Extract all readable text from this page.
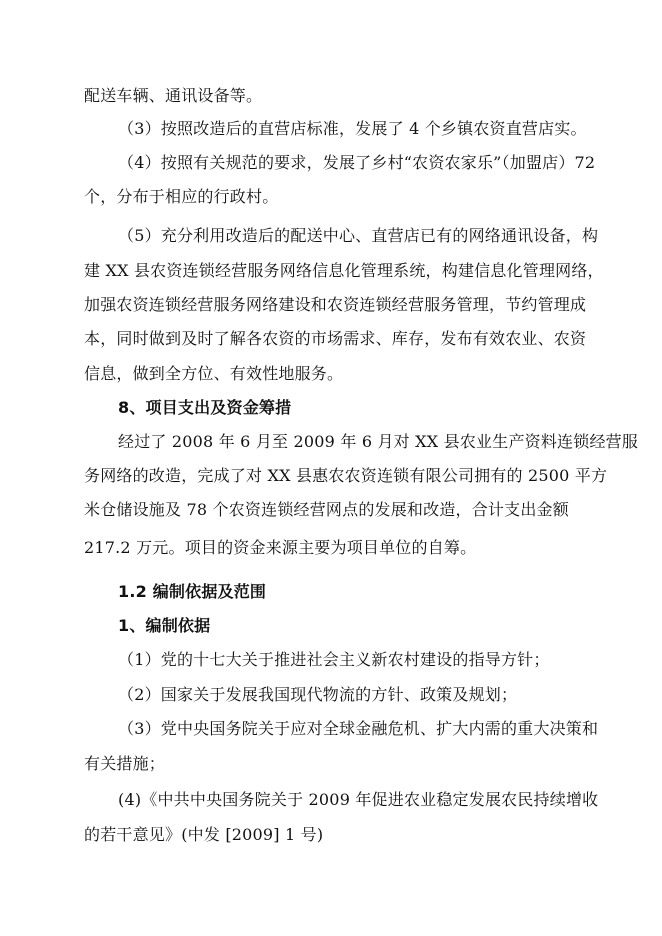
配送车辆、通讯设备等。
（3）按照改造后的直营店标准，发展了 4 个乡镇农资直营店实。
（4）按照有关规范的要求，发展了乡村“农资农家乐”（加盟店）72
个，分布于相应的行政村。
（5）充分利用改造后的配送中心、直营店已有的网络通讯设备，构
建 XX 县农资连锁经营服务网络信息化管理系统，构建信息化管理网络，
加强农资连锁经营服务网络建设和农资连锁经营服务管理，节约管理成
本，同时做到及时了解各农资的市场需求、库存，发布有效农业、农资
信息，做到全方位、有效性地服务。
8、项目支出及资金筹措
经过了 2008 年 6 月至 2009 年 6 月对 XX 县农业生产资料连锁经营服
务网络的改造，完成了对 XX 县惠农农资连锁有限公司拥有的 2500 平方
米仓储设施及 78 个农资连锁经营网点的发展和改造，合计支出金额
217.2 万元。项目的资金来源主要为项目单位的自筹。
1.2 编制依据及范围
1、编制依据
（1）党的十七大关于推进社会主义新农村建设的指导方针；
（2）国家关于发展我国现代物流的方针、政策及规划；
（3）党中央国务院关于应对全球金融危机、扩大内需的重大决策和
有关措施；
(4)《中共中央国务院关于 2009 年促进农业稳定发展农民持续增收
的若干意见》(中发 [2009] 1 号)
